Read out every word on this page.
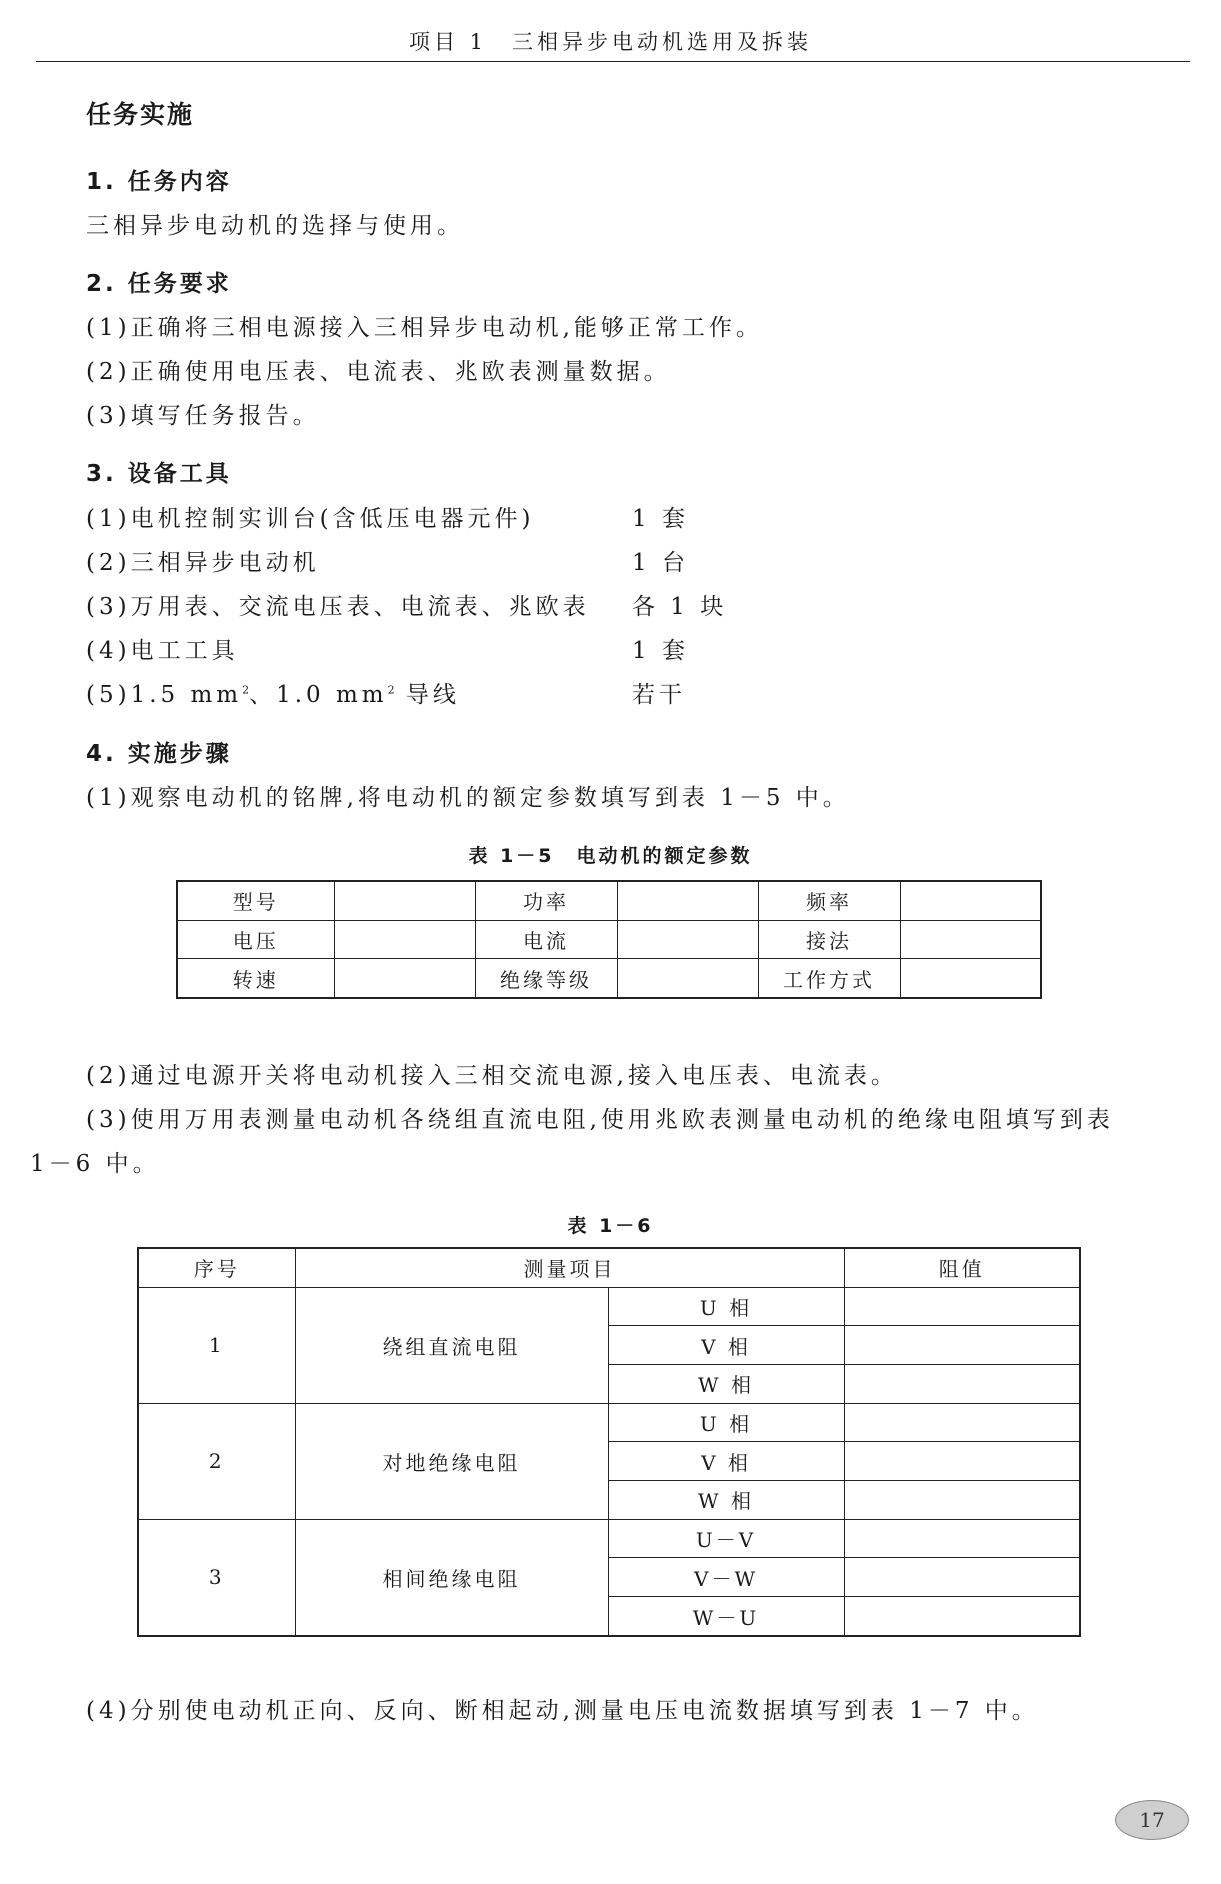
项目 1　三相异步电动机选用及拆装
任务实施
1. 任务内容
三相异步电动机的选择与使用。
2. 任务要求
(1)正确将三相电源接入三相异步电动机,能够正常工作。
(2)正确使用电压表、电流表、兆欧表测量数据。
(3)填写任务报告。
3. 设备工具
(1)电机控制实训台(含低压电器元件)	1 套
(2)三相异步电动机	1 台
(3)万用表、交流电压表、电流表、兆欧表 各 1 块
(4)电工工具	1 套
(5)1.5 $mm^2$、1.0 $mm^2$ 导线	若干
4. 实施步骤
(1)观察电动机的铭牌,将电动机的额定参数填写到表 1－5 中。
表 1－5　电动机的额定参数
型号		功率		频率	
电压		电流		接法	
转速		绝缘等级		工作方式	
(2)通过电源开关将电动机接入三相交流电源,接入电压表、电流表。
(3)使用万用表测量电动机各绕组直流电阻,使用兆欧表测量电动机的绝缘电阻填写到表
1－6 中。
表 1－6
序号	测量项目		阻值
1	绕组直流电阻	U 相	
		V 相	
		W 相	
2	对地绝缘电阻	U 相	
		V 相	
		W 相	
3	相间绝缘电阻	U－V	
		V－W	
		W－U	
(4)分别使电动机正向、反向、断相起动,测量电压电流数据填写到表 1－7 中。
17
